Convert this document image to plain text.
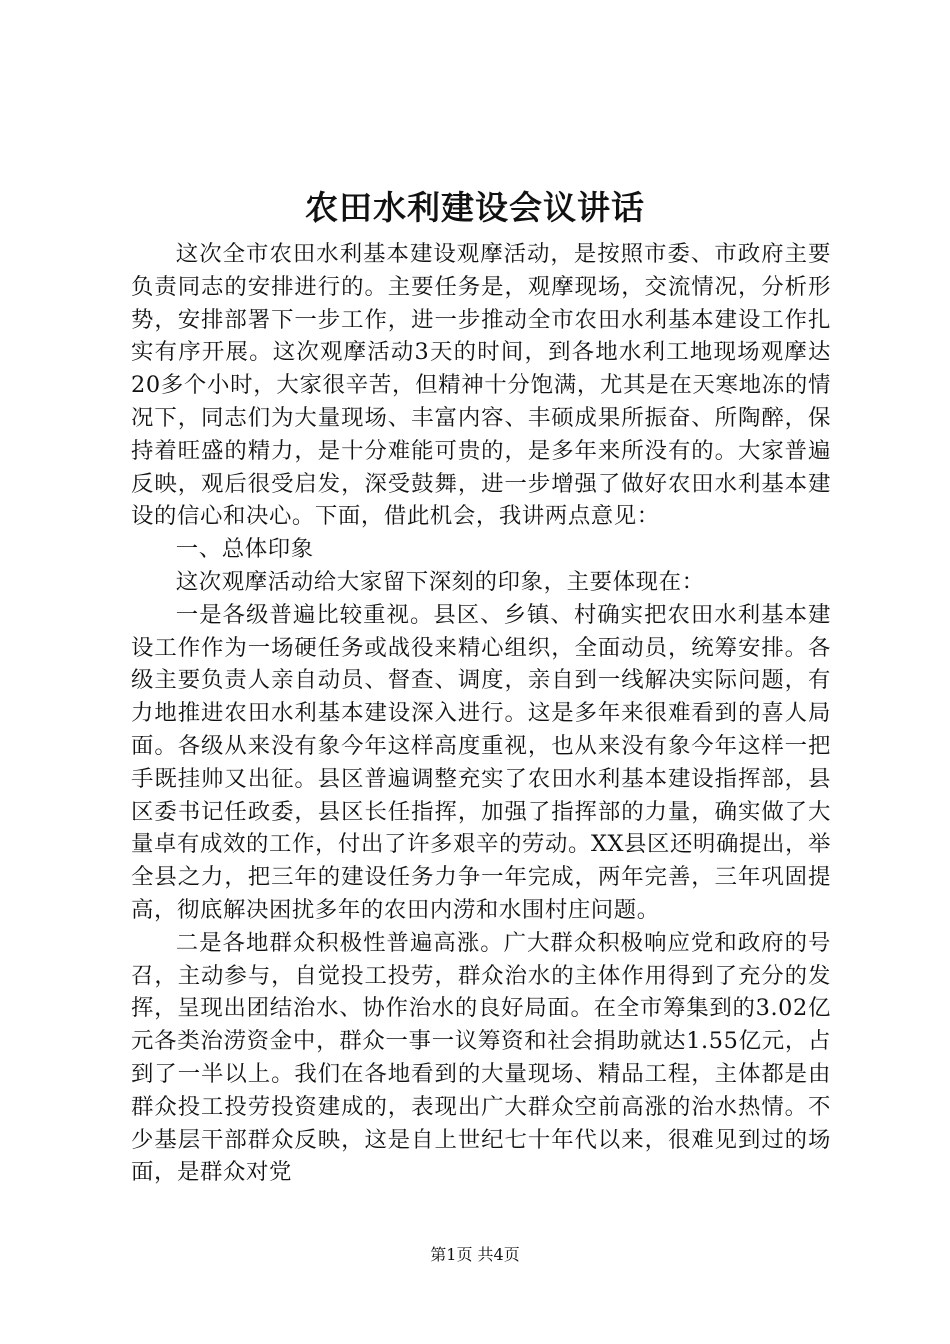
农田水利建设会议讲话

这次全市农田水利基本建设观摩活动，是按照市委、市政府主要负责同志的安排进行的。主要任务是，观摩现场，交流情况，分析形势，安排部署下一步工作，进一步推动全市农田水利基本建设工作扎实有序开展。这次观摩活动3天的时间，到各地水利工地现场观摩达20多个小时，大家很辛苦，但精神十分饱满，尤其是在天寒地冻的情况下，同志们为大量现场、丰富内容、丰硕成果所振奋、所陶醉，保持着旺盛的精力，是十分难能可贵的，是多年来所没有的。大家普遍反映，观后很受启发，深受鼓舞，进一步增强了做好农田水利基本建设的信心和决心。下面，借此机会，我讲两点意见：

一、总体印象

这次观摩活动给大家留下深刻的印象，主要体现在：

一是各级普遍比较重视。县区、乡镇、村确实把农田水利基本建设工作作为一场硬任务或战役来精心组织，全面动员，统筹安排。各级主要负责人亲自动员、督查、调度，亲自到一线解决实际问题，有力地推进农田水利基本建设深入进行。这是多年来很难看到的喜人局面。各级从来没有象今年这样高度重视，也从来没有象今年这样一把手既挂帅又出征。县区普遍调整充实了农田水利基本建设指挥部，县区委书记任政委，县区长任指挥，加强了指挥部的力量，确实做了大量卓有成效的工作，付出了许多艰辛的劳动。XX县区还明确提出，举全县之力，把三年的建设任务力争一年完成，两年完善，三年巩固提高，彻底解决困扰多年的农田内涝和水围村庄问题。

二是各地群众积极性普遍高涨。广大群众积极响应党和政府的号召，主动参与，自觉投工投劳，群众治水的主体作用得到了充分的发挥，呈现出团结治水、协作治水的良好局面。在全市筹集到的3.02亿元各类治涝资金中，群众一事一议筹资和社会捐助就达1.55亿元，占到了一半以上。我们在各地看到的大量现场、精品工程，主体都是由群众投工投劳投资建成的，表现出广大群众空前高涨的治水热情。不少基层干部群众反映，这是自上世纪七十年代以来，很难见到过的场面，是群众对党

第1页 共4页
